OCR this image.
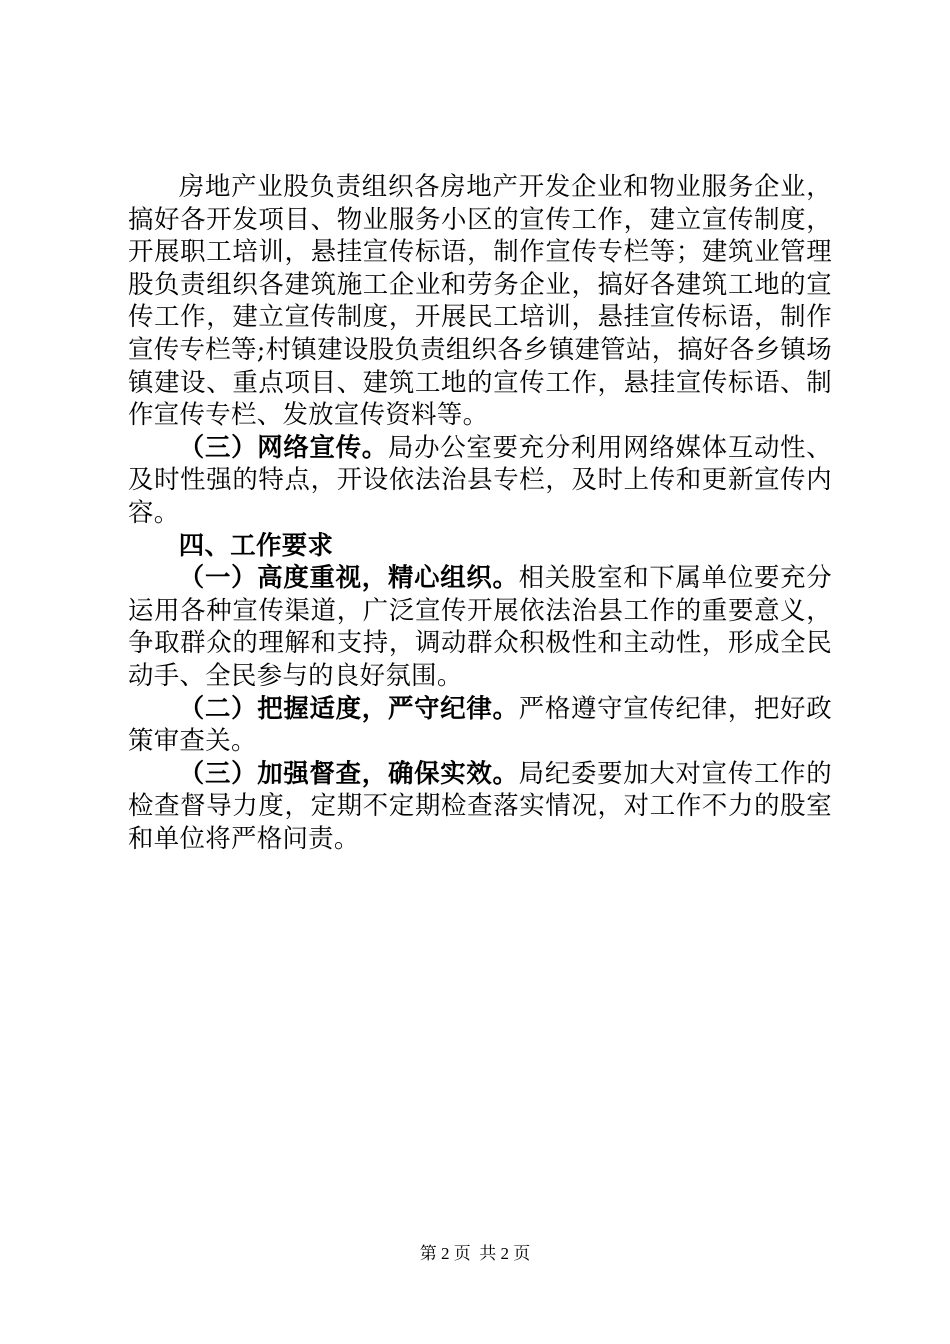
房地产业股负责组织各房地产开发企业和物业服务企业，搞好各开发项目、物业服务小区的宣传工作，建立宣传制度，开展职工培训，悬挂宣传标语，制作宣传专栏等；建筑业管理股负责组织各建筑施工企业和劳务企业，搞好各建筑工地的宣传工作，建立宣传制度，开展民工培训，悬挂宣传标语，制作宣传专栏等;村镇建设股负责组织各乡镇建管站，搞好各乡镇场镇建设、重点项目、建筑工地的宣传工作，悬挂宣传标语、制作宣传专栏、发放宣传资料等。

（三）网络宣传。局办公室要充分利用网络媒体互动性、及时性强的特点，开设依法治县专栏，及时上传和更新宣传内容。

四、工作要求

（一）高度重视，精心组织。相关股室和下属单位要充分运用各种宣传渠道，广泛宣传开展依法治县工作的重要意义，争取群众的理解和支持，调动群众积极性和主动性，形成全民动手、全民参与的良好氛围。

（二）把握适度，严守纪律。严格遵守宣传纪律，把好政策审查关。

（三）加强督查，确保实效。局纪委要加大对宣传工作的检查督导力度，定期不定期检查落实情况，对工作不力的股室和单位将严格问责。

第 2 页  共 2 页
